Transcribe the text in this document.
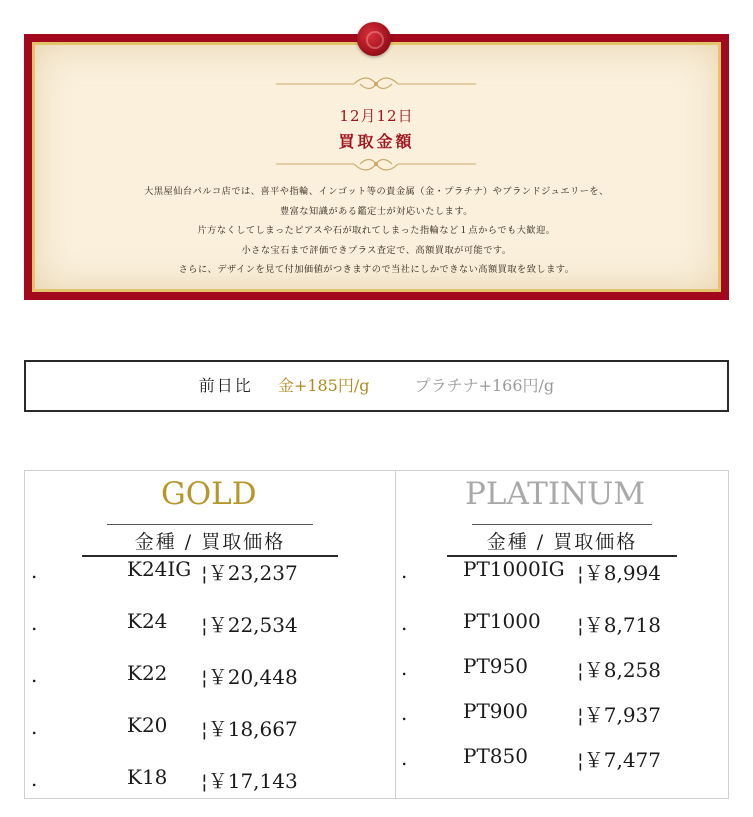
12月12日
買取金額
大黒屋仙台パルコ店では、喜平や指輪、インゴット等の貴金属（金・プラチナ）やブランドジュエリーを、
豊富な知識がある鑑定士が対応いたします。
片方なくしてしまったピアスや石が取れてしまった指輪など１点からでも大歓迎。
小さな宝石まで評価できプラス査定で、高額買取が可能です。
さらに、デザインを見て付加価値がつきますので当社にしかできない高額買取を致します。
前日比 金+185円/g	プラチナ+166円/g
GOLD
金種 / 買取価格
.	K24IG ¦￥23,237
.	K24 ¦￥22,534
.	K22 ¦￥20,448
.	K20 ¦￥18,667
.	K18 ¦￥17,143
PLATINUM
金種 / 買取価格
.	PT1000IG ¦￥8,994
.	PT1000 ¦￥8,718
.	PT950 ¦￥8,258
.	PT900 ¦￥7,937
.	PT850 ¦￥7,477
